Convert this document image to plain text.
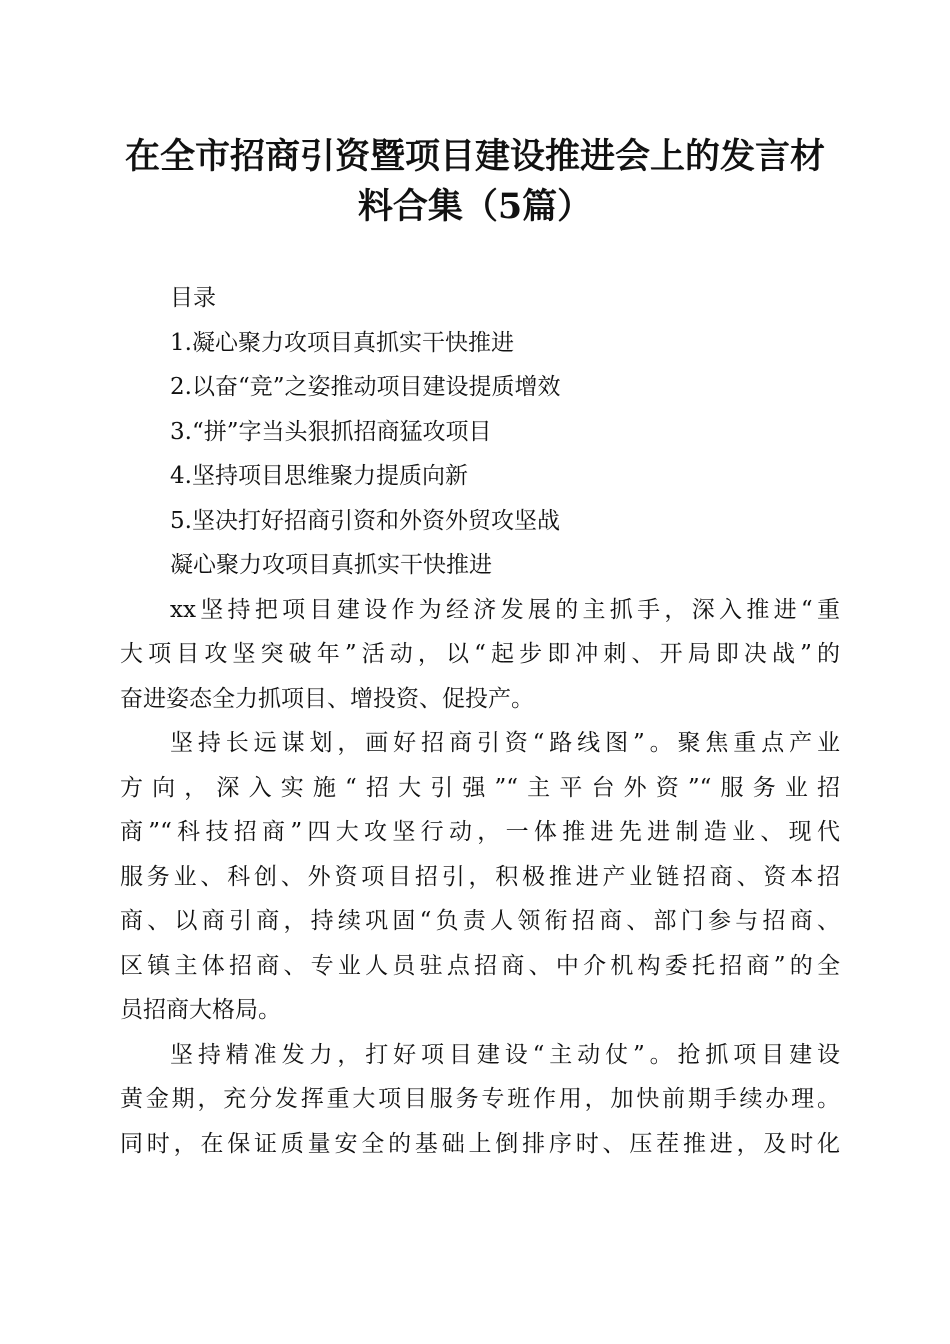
在全市招商引资暨项目建设推进会上的发言材
料合集（5篇）
目录
1.凝心聚力攻项目真抓实干快推进
2.以奋“竞”之姿推动项目建设提质增效
3.“拼”字当头狠抓招商猛攻项目
4.坚持项目思维聚力提质向新
5.坚决打好招商引资和外资外贸攻坚战
凝心聚力攻项目真抓实干快推进
xx坚持把项目建设作为经济发展的主抓手，深入推进“重
大项目攻坚突破年”活动，以“起步即冲刺、开局即决战”的
奋进姿态全力抓项目、增投资、促投产。
坚持长远谋划，画好招商引资“路线图”。聚焦重点产业
方向，深入实施“招大引强”“主平台外资”“服务业招
商”“科技招商”四大攻坚行动，一体推进先进制造业、现代
服务业、科创、外资项目招引，积极推进产业链招商、资本招
商、以商引商，持续巩固“负责人领衔招商、部门参与招商、
区镇主体招商、专业人员驻点招商、中介机构委托招商”的全
员招商大格局。
坚持精准发力，打好项目建设“主动仗”。抢抓项目建设
黄金期，充分发挥重大项目服务专班作用，加快前期手续办理。
同时，在保证质量安全的基础上倒排序时、压茬推进，及时化
